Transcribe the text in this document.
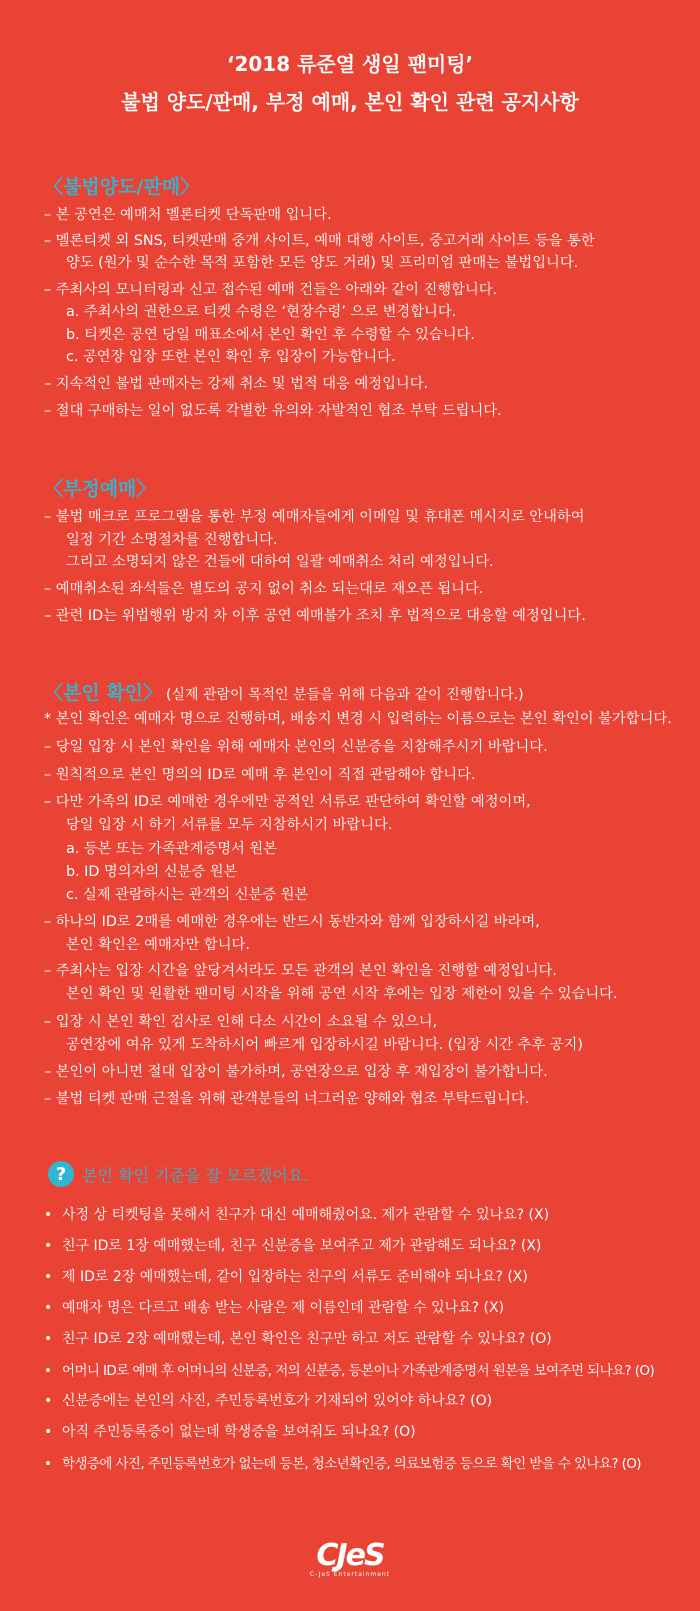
‘2018 류준열 생일 팬미팅’
불법 양도/판매, 부정 예매, 본인 확인 관련 공지사항
〈불법양도/판매〉
– 본 공연은 예매처 멜론티켓 단독판매 입니다.
– 멜론티켓 외 SNS, 티켓판매 중개 사이트, 예매 대행 사이트, 중고거래 사이트 등을 통한
양도 (원가 및 순수한 목적 포함한 모든 양도 거래) 및 프리미엄 판매는 불법입니다.
– 주최사의 모니터링과 신고 접수된 예매 건들은 아래와 같이 진행합니다.
a. 주최사의 권한으로 티켓 수령은 ‘현장수령’ 으로 변경합니다.
b. 티켓은 공연 당일 매표소에서 본인 확인 후 수령할 수 있습니다.
c. 공연장 입장 또한 본인 확인 후 입장이 가능합니다.
– 지속적인 불법 판매자는 강제 취소 및 법적 대응 예정입니다.
– 절대 구매하는 일이 없도록 각별한 유의와 자발적인 협조 부탁 드립니다.
〈부정예매〉
– 불법 매크로 프로그램을 통한 부정 예매자들에게 이메일 및 휴대폰 메시지로 안내하여
일정 기간 소명절차를 진행합니다.
그리고 소명되지 않은 건들에 대하여 일괄 예매취소 처리 예정입니다.
– 예매취소된 좌석들은 별도의 공지 없이 취소 되는대로 재오픈 됩니다.
– 관련 ID는 위법행위 방지 차 이후 공연 예매불가 조치 후 법적으로 대응할 예정입니다.
〈본인 확인〉 (실제 관람이 목적인 분들을 위해 다음과 같이 진행합니다.)
* 본인 확인은 예매자 명으로 진행하며, 배송지 변경 시 입력하는 이름으로는 본인 확인이 불가합니다.
– 당일 입장 시 본인 확인을 위해 예매자 본인의 신분증을 지참해주시기 바랍니다.
– 원칙적으로 본인 명의의 ID로 예매 후 본인이 직접 관람해야 합니다.
– 다만 가족의 ID로 예매한 경우에만 공적인 서류로 판단하여 확인할 예정이며,
당일 입장 시 하기 서류를 모두 지참하시기 바랍니다.
a. 등본 또는 가족관계증명서 원본
b. ID 명의자의 신분증 원본
c. 실제 관람하시는 관객의 신분증 원본
– 하나의 ID로 2매를 예매한 경우에는 반드시 동반자와 함께 입장하시길 바라며,
본인 확인은 예매자만 합니다.
– 주최사는 입장 시간을 앞당겨서라도 모든 관객의 본인 확인을 진행할 예정입니다.
본인 확인 및 원활한 팬미팅 시작을 위해 공연 시작 후에는 입장 제한이 있을 수 있습니다.
– 입장 시 본인 확인 검사로 인해 다소 시간이 소요될 수 있으니,
공연장에 여유 있게 도착하시어 빠르게 입장하시길 바랍니다. (입장 시간 추후 공지)
– 본인이 아니면 절대 입장이 불가하며, 공연장으로 입장 후 재입장이 불가합니다.
– 불법 티켓 판매 근절을 위해 관객분들의 너그러운 양해와 협조 부탁드립니다.
? 본인 확인 기준을 잘 모르겠어요.
• 사정 상 티켓팅을 못해서 친구가 대신 예매해줬어요. 제가 관람할 수 있나요? (X)
• 친구 ID로 1장 예매했는데, 친구 신분증을 보여주고 제가 관람해도 되나요? (X)
• 제 ID로 2장 예매했는데, 같이 입장하는 친구의 서류도 준비해야 되나요? (X)
• 예매자 명은 다르고 배송 받는 사람은 제 이름인데 관람할 수 있나요? (X)
• 친구 ID로 2장 예매했는데, 본인 확인은 친구만 하고 저도 관람할 수 있나요? (O)
• 어머니 ID로 예매 후 어머니의 신분증, 저의 신분증, 등본이나 가족관계증명서 원본을 보여주면 되나요? (O)
• 신분증에는 본인의 사진, 주민등록번호가 기재되어 있어야 하나요? (O)
• 아직 주민등록증이 없는데 학생증을 보여줘도 되나요? (O)
• 학생증에 사진, 주민등록번호가 없는데 등본, 청소년확인증, 의료보험증 등으로 확인 받을 수 있나요? (O)
CJeS
C-JeS Entertainment
